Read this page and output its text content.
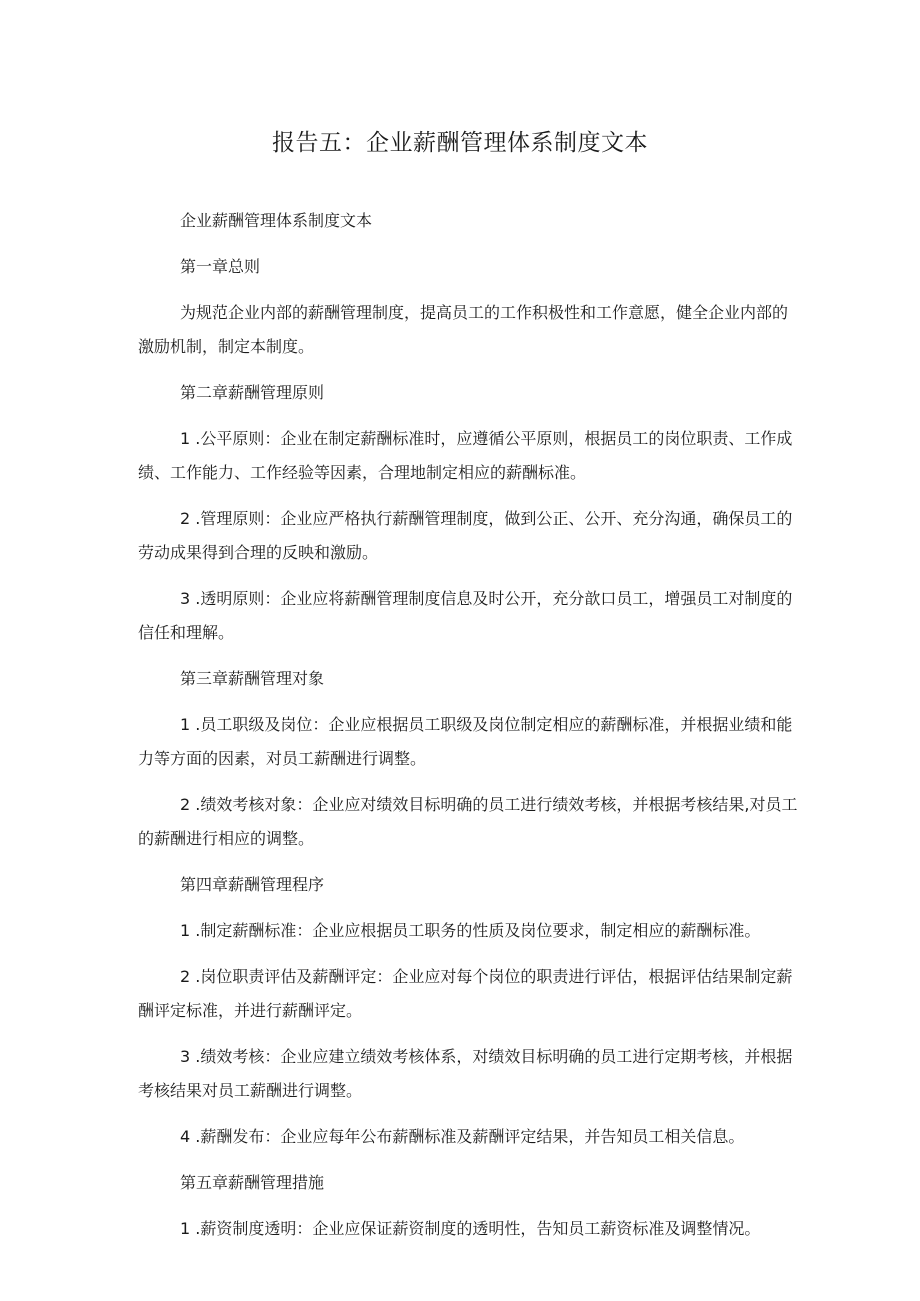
报告五：企业薪酬管理体系制度文本

企业薪酬管理体系制度文本

第一章总则

为规范企业内部的薪酬管理制度，提高员工的工作积极性和工作意愿，健全企业内部的激励机制，制定本制度。

第二章薪酬管理原则

1 .公平原则：企业在制定薪酬标准时，应遵循公平原则，根据员工的岗位职责、工作成绩、工作能力、工作经验等因素，合理地制定相应的薪酬标准。

2 .管理原则：企业应严格执行薪酬管理制度，做到公正、公开、充分沟通，确保员工的劳动成果得到合理的反映和激励。

3 .透明原则：企业应将薪酬管理制度信息及时公开，充分歆口员工，增强员工对制度的信任和理解。

第三章薪酬管理对象

1 .员工职级及岗位：企业应根据员工职级及岗位制定相应的薪酬标准，并根据业绩和能力等方面的因素，对员工薪酬进行调整。

2 .绩效考核对象：企业应对绩效目标明确的员工进行绩效考核，并根据考核结果,对员工的薪酬进行相应的调整。

第四章薪酬管理程序

1 .制定薪酬标准：企业应根据员工职务的性质及岗位要求，制定相应的薪酬标准。

2 .岗位职责评估及薪酬评定：企业应对每个岗位的职责进行评估，根据评估结果制定薪酬评定标准，并进行薪酬评定。

3 .绩效考核：企业应建立绩效考核体系，对绩效目标明确的员工进行定期考核，并根据考核结果对员工薪酬进行调整。

4 .薪酬发布：企业应每年公布薪酬标准及薪酬评定结果，并告知员工相关信息。

第五章薪酬管理措施

1 .薪资制度透明：企业应保证薪资制度的透明性，告知员工薪资标准及调整情况。
